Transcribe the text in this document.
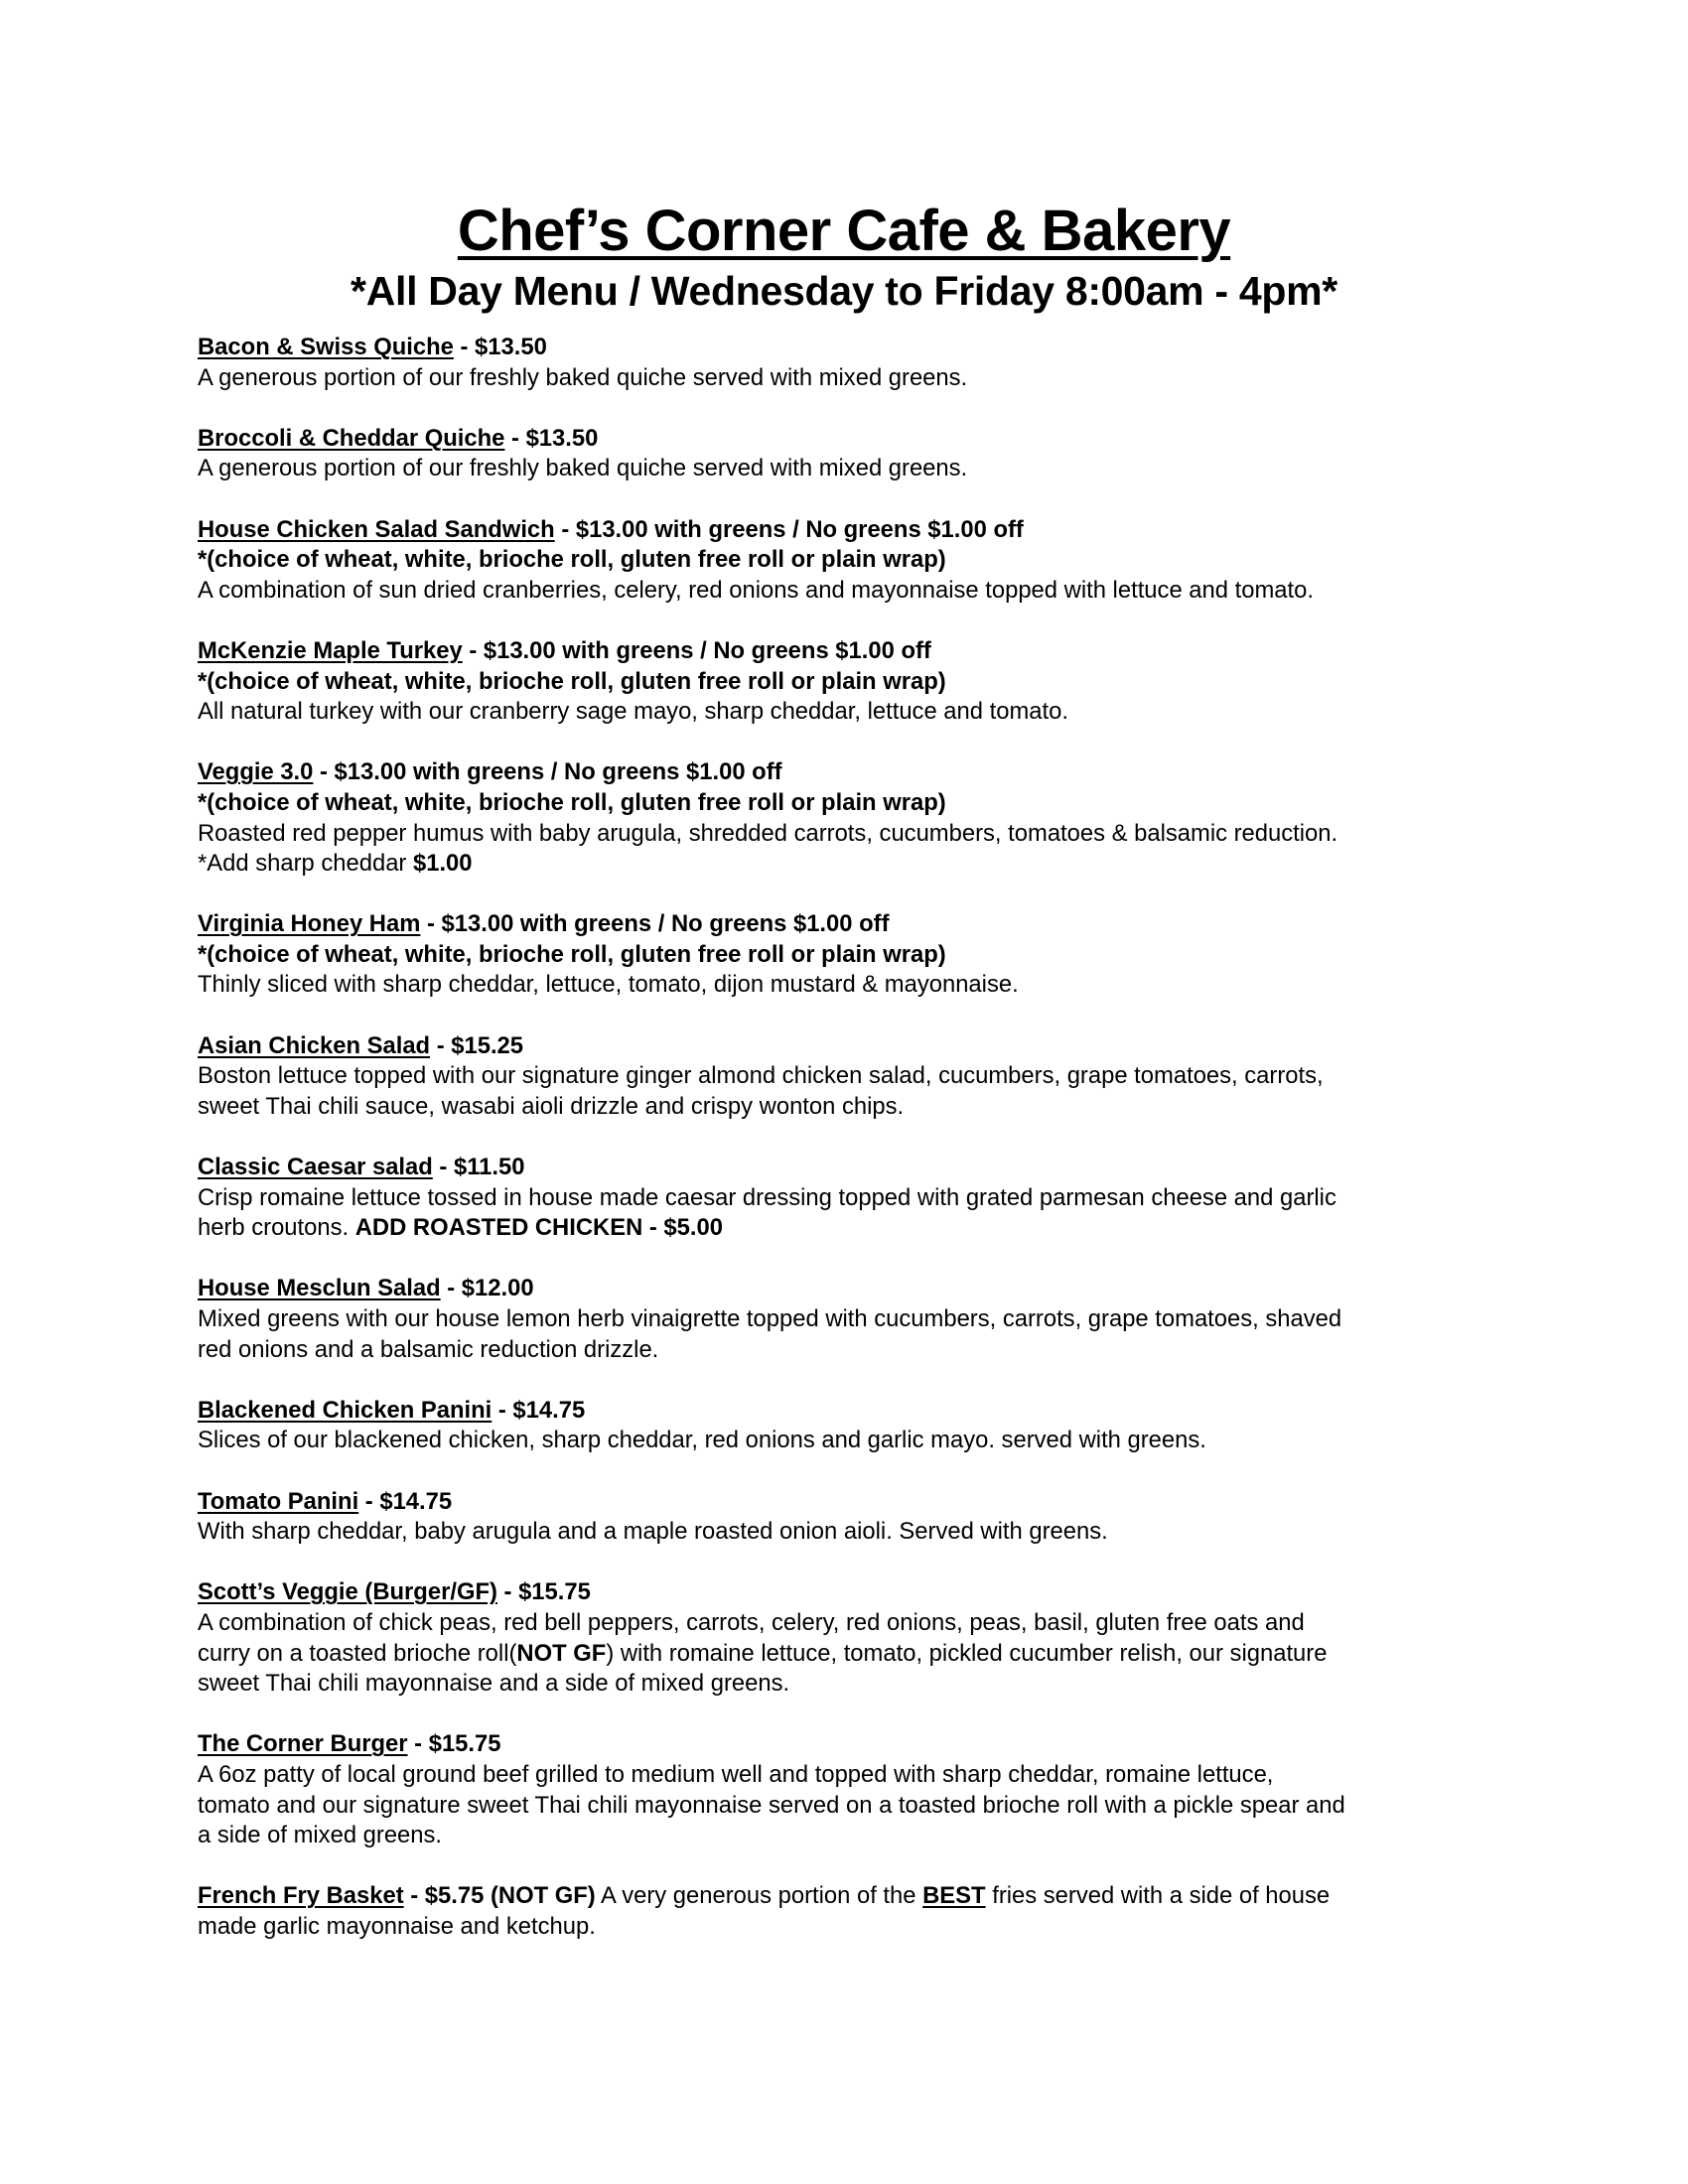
Chef’s Corner Cafe & Bakery

*All Day Menu / Wednesday to Friday 8:00am - 4pm*

Bacon & Swiss Quiche - $13.50
A generous portion of our freshly baked quiche served with mixed greens.
Broccoli & Cheddar Quiche - $13.50
A generous portion of our freshly baked quiche served with mixed greens.
House Chicken Salad Sandwich - $13.00 with greens / No greens $1.00 off
*(choice of wheat, white, brioche roll, gluten free roll or plain wrap)
A combination of sun dried cranberries, celery, red onions and mayonnaise topped with lettuce and tomato.
McKenzie Maple Turkey - $13.00 with greens / No greens $1.00 off
*(choice of wheat, white, brioche roll, gluten free roll or plain wrap)
All natural turkey with our cranberry sage mayo, sharp cheddar, lettuce and tomato.
Veggie 3.0 - $13.00 with greens / No greens $1.00 off
*(choice of wheat, white, brioche roll, gluten free roll or plain wrap)
Roasted red pepper humus with baby arugula, shredded carrots, cucumbers, tomatoes & balsamic reduction.
*Add sharp cheddar $1.00
Virginia Honey Ham - $13.00 with greens / No greens $1.00 off
*(choice of wheat, white, brioche roll, gluten free roll or plain wrap)
Thinly sliced with sharp cheddar, lettuce, tomato, dijon mustard & mayonnaise.
Asian Chicken Salad - $15.25
Boston lettuce topped with our signature ginger almond chicken salad, cucumbers, grape tomatoes, carrots,
sweet Thai chili sauce, wasabi aioli drizzle and crispy wonton chips.
Classic Caesar salad - $11.50
Crisp romaine lettuce tossed in house made caesar dressing topped with grated parmesan cheese and garlic
herb croutons. ADD ROASTED CHICKEN - $5.00
House Mesclun Salad - $12.00
Mixed greens with our house lemon herb vinaigrette topped with cucumbers, carrots, grape tomatoes, shaved
red onions and a balsamic reduction drizzle.
Blackened Chicken Panini - $14.75
Slices of our blackened chicken, sharp cheddar, red onions and garlic mayo. served with greens.
Tomato Panini - $14.75
With sharp cheddar, baby arugula and a maple roasted onion aioli. Served with greens.
Scott’s Veggie (Burger/GF) - $15.75
A combination of chick peas, red bell peppers, carrots, celery, red onions, peas, basil, gluten free oats and
curry on a toasted brioche roll(NOT GF) with romaine lettuce, tomato, pickled cucumber relish, our signature
sweet Thai chili mayonnaise and a side of mixed greens.
The Corner Burger - $15.75
A 6oz patty of local ground beef grilled to medium well and topped with sharp cheddar, romaine lettuce,
tomato and our signature sweet Thai chili mayonnaise served on a toasted brioche roll with a pickle spear and
a side of mixed greens.
French Fry Basket - $5.75 (NOT GF) A very generous portion of the BEST fries served with a side of house
made garlic mayonnaise and ketchup.
